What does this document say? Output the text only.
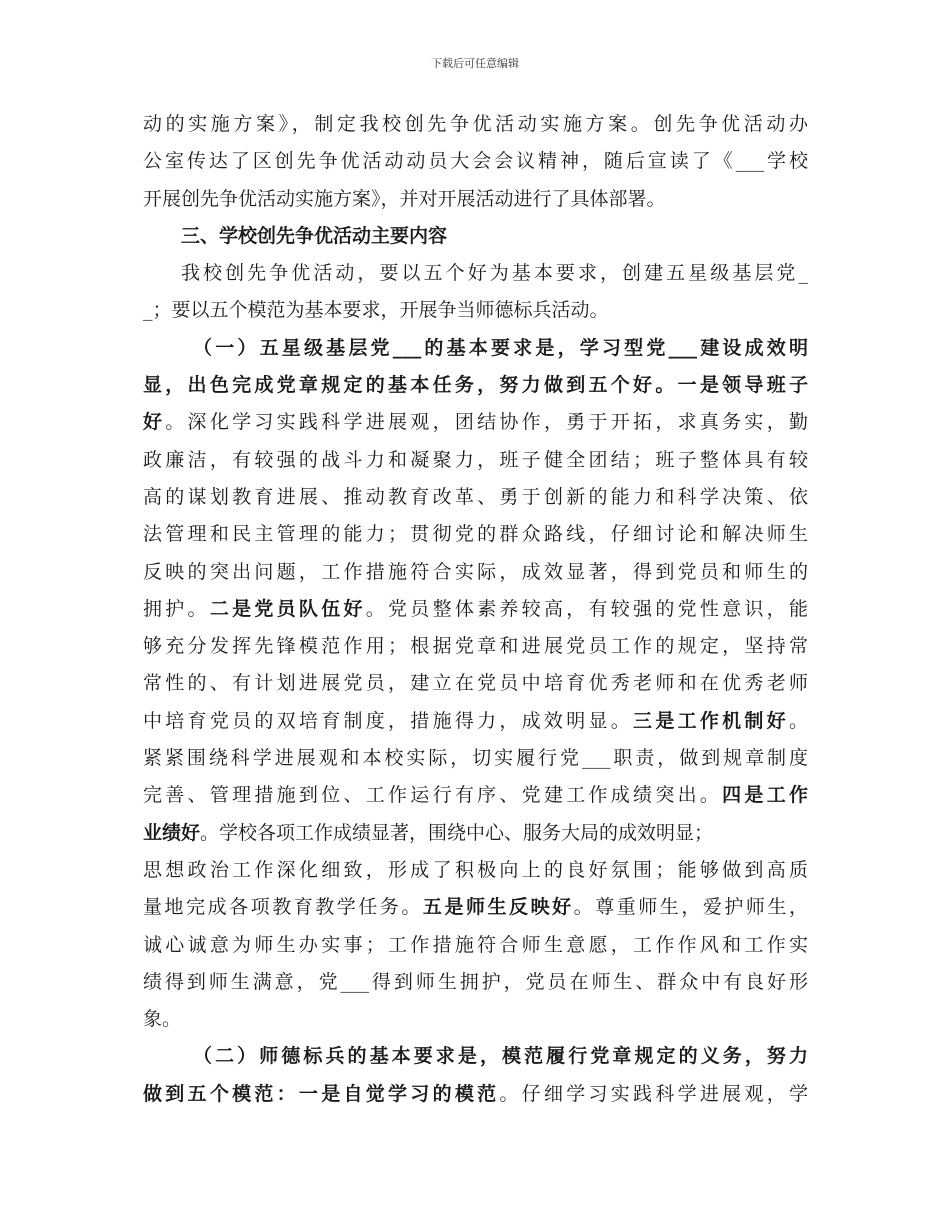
下载后可任意编辑
动的实施方案》，制定我校创先争优活动实施方案。创先争优活动办
公室传达了区创先争优活动动员大会会议精神，随后宣读了《___学校
开展创先争优活动实施方案》，并对开展活动进行了具体部署。
三、学校创先争优活动主要内容
我校创先争优活动，要以五个好为基本要求，创建五星级基层党_
_；要以五个模范为基本要求，开展争当师德标兵活动。
（一）五星级基层党___的基本要求是，学习型党___建设成效明
显，出色完成党章规定的基本任务，努力做到五个好。一是领导班子
好。深化学习实践科学进展观，团结协作，勇于开拓，求真务实，勤
政廉洁，有较强的战斗力和凝聚力，班子健全团结；班子整体具有较
高的谋划教育进展、推动教育改革、勇于创新的能力和科学决策、依
法管理和民主管理的能力；贯彻党的群众路线，仔细讨论和解决师生
反映的突出问题，工作措施符合实际，成效显著，得到党员和师生的
拥护。二是党员队伍好。党员整体素养较高，有较强的党性意识，能
够充分发挥先锋模范作用；根据党章和进展党员工作的规定，坚持常
常性的、有计划进展党员，建立在党员中培育优秀老师和在优秀老师
中培育党员的双培育制度，措施得力，成效明显。三是工作机制好。
紧紧围绕科学进展观和本校实际，切实履行党___职责，做到规章制度
完善、管理措施到位、工作运行有序、党建工作成绩突出。四是工作
业绩好。学校各项工作成绩显著，围绕中心、服务大局的成效明显；
思想政治工作深化细致，形成了积极向上的良好氛围；能够做到高质
量地完成各项教育教学任务。五是师生反映好。尊重师生，爱护师生，
诚心诚意为师生办实事；工作措施符合师生意愿，工作作风和工作实
绩得到师生满意，党___得到师生拥护，党员在师生、群众中有良好形
象。
（二）师德标兵的基本要求是，模范履行党章规定的义务，努力
做到五个模范：一是自觉学习的模范。仔细学习实践科学进展观，学
